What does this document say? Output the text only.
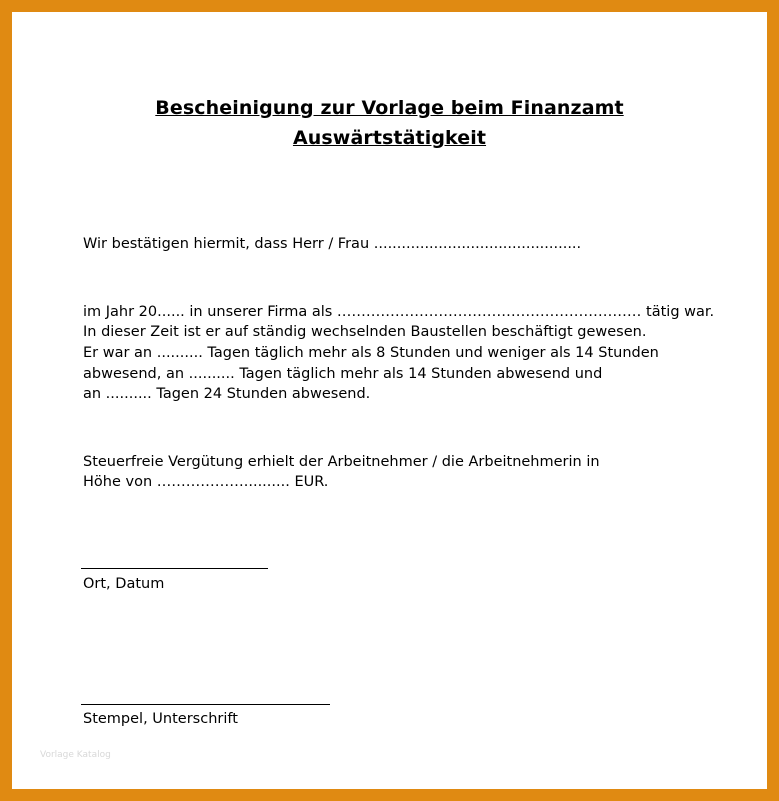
Bescheinigung zur Vorlage beim Finanzamt
Auswärtstätigkeit
Wir bestätigen hiermit, dass Herr / Frau .............................................
im Jahr 20...... in unserer Firma als ……………………………………………………… tätig war.
In dieser Zeit ist er auf ständig wechselnden Baustellen beschäftigt gewesen.
Er war an .......... Tagen täglich mehr als 8 Stunden und weniger als 14 Stunden
abwesend, an .......... Tagen täglich mehr als 14 Stunden abwesend und
an .......... Tagen 24 Stunden abwesend.
Steuerfreie Vergütung erhielt der Arbeitnehmer / die Arbeitnehmerin in
Höhe von ……………….......... EUR.
Ort, Datum
Stempel, Unterschrift
Vorlage Katalog
